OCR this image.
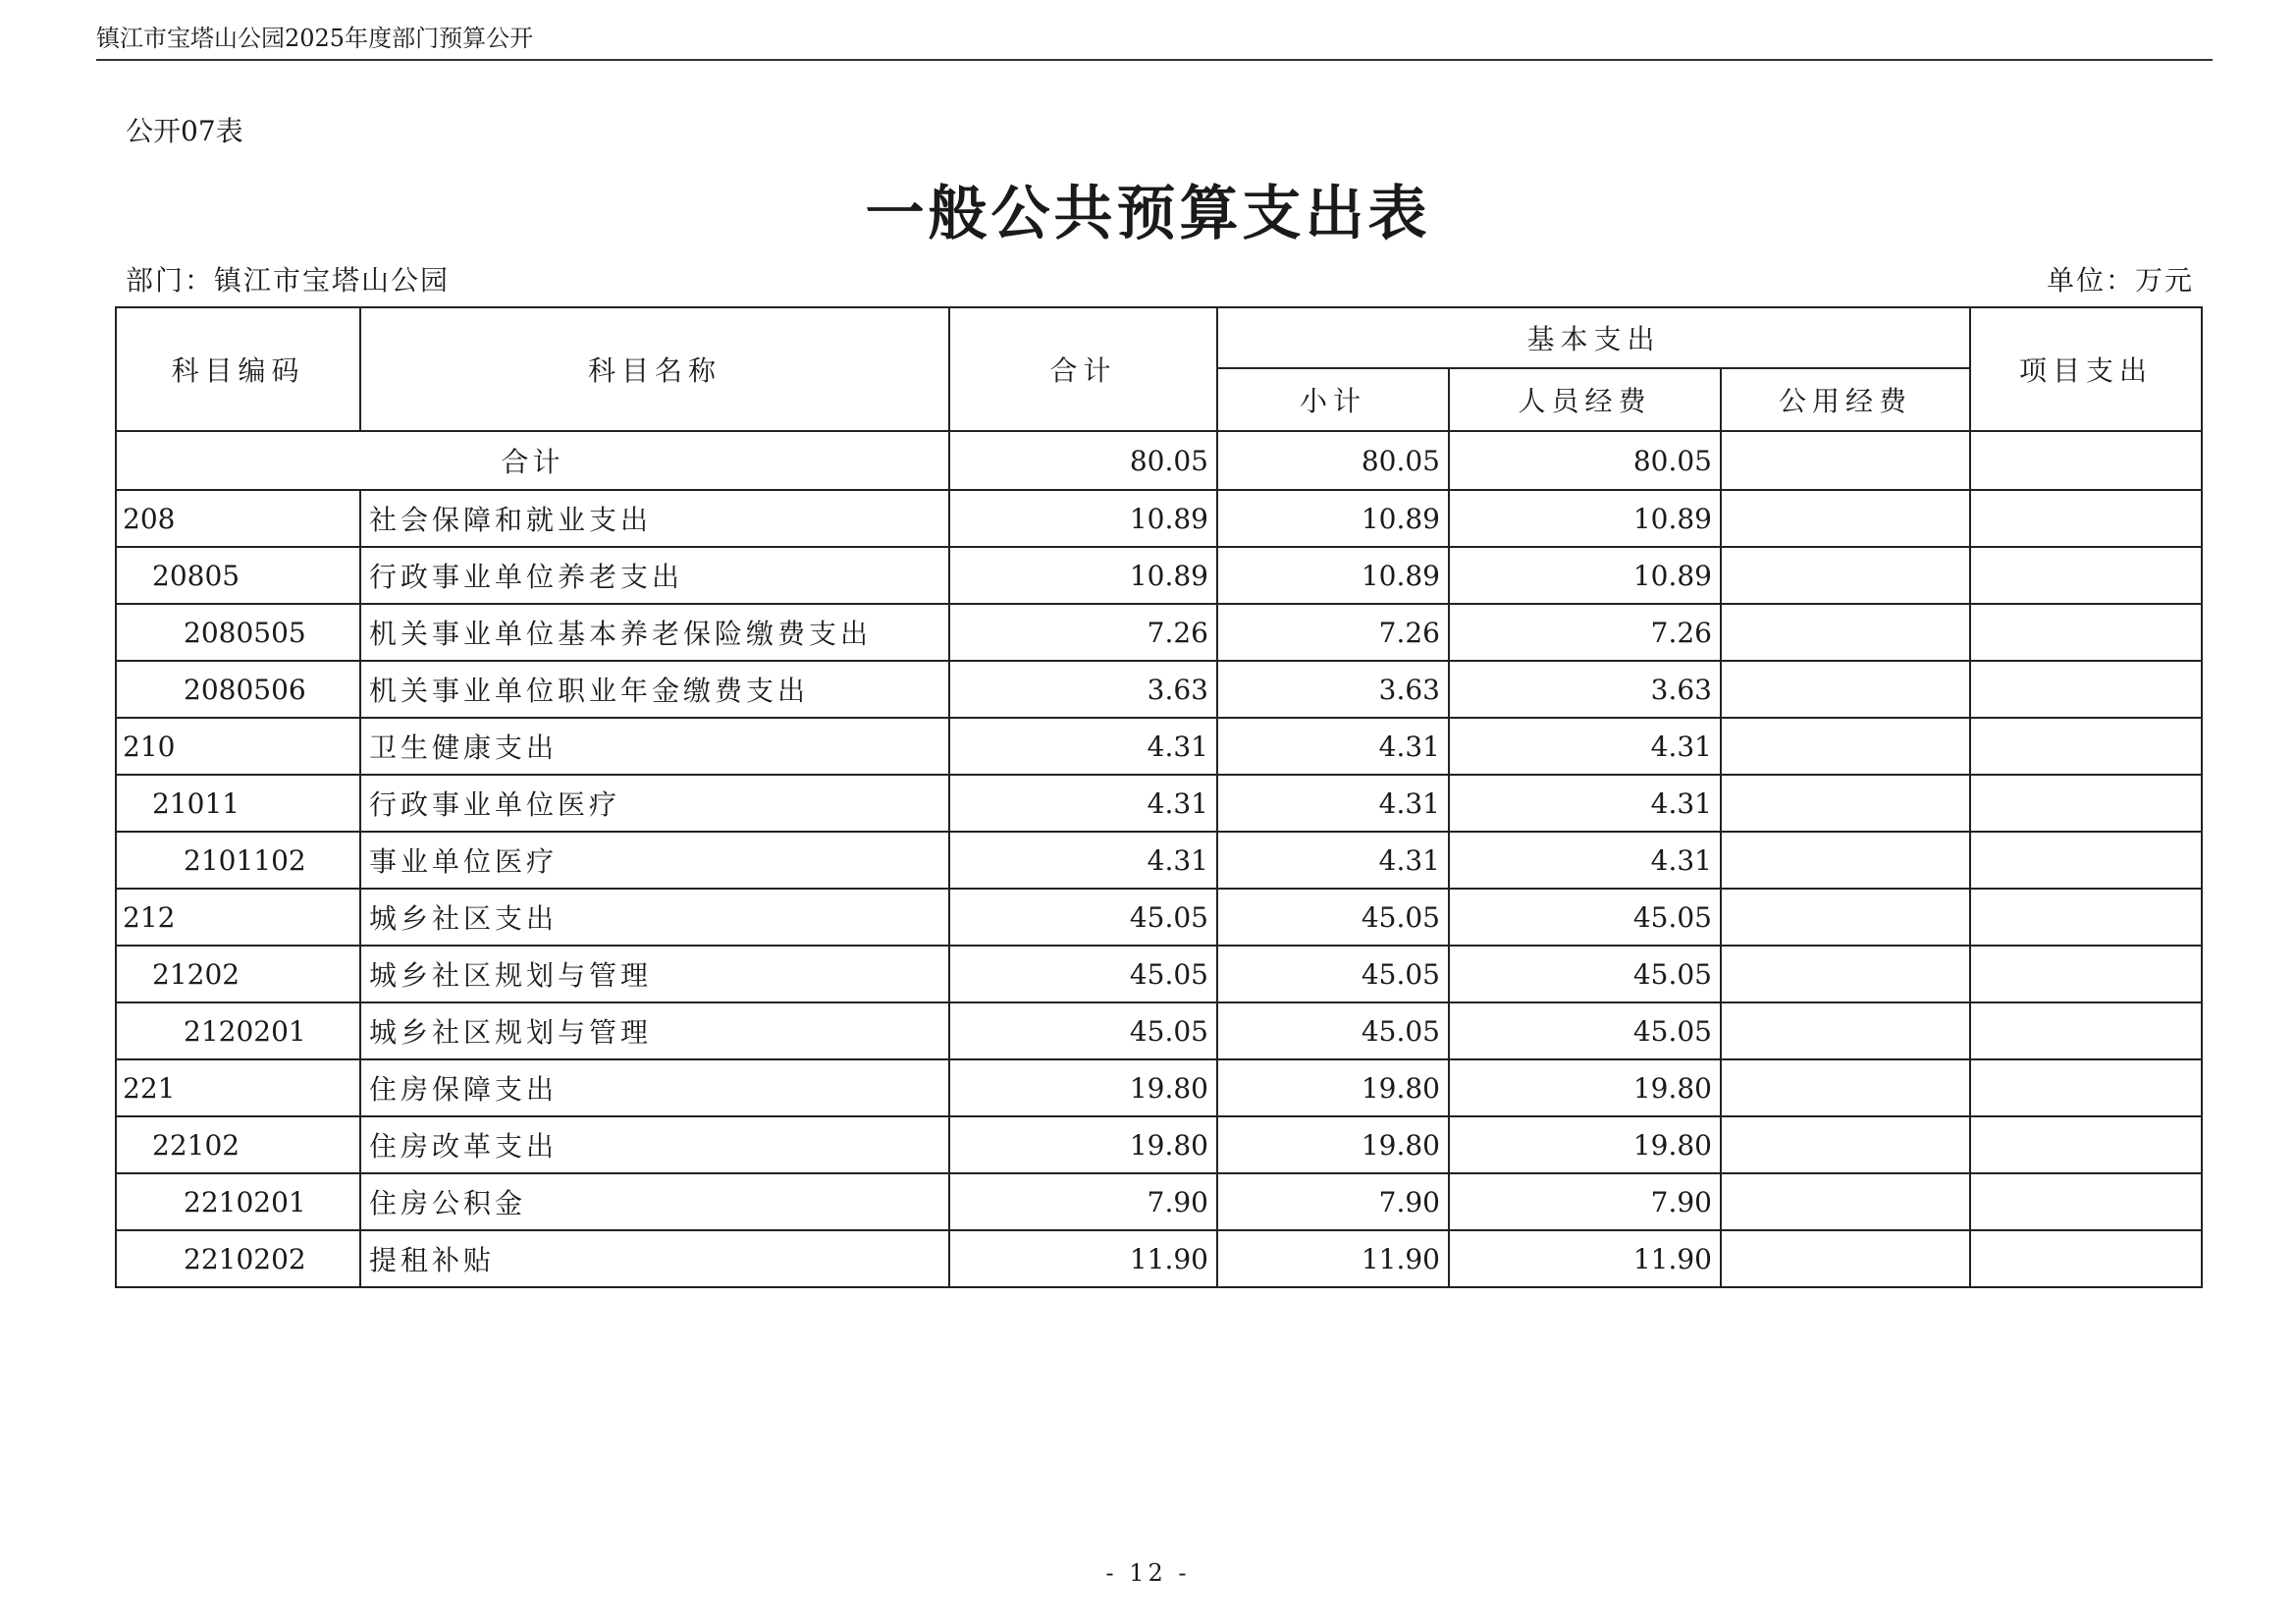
镇江市宝塔山公园2025年度部门预算公开
公开07表
一般公共预算支出表
部门：镇江市宝塔山公园	单位：万元
科目编码	科目名称	合计	基本支出			项目支出
			小计	人员经费	公用经费	
合计		80.05	80.05	80.05		
208	社会保障和就业支出	10.89	10.89	10.89		
20805	行政事业单位养老支出	10.89	10.89	10.89		
2080505	机关事业单位基本养老保险缴费支出	7.26	7.26	7.26		
2080506	机关事业单位职业年金缴费支出	3.63	3.63	3.63		
210	卫生健康支出	4.31	4.31	4.31		
21011	行政事业单位医疗	4.31	4.31	4.31		
2101102	事业单位医疗	4.31	4.31	4.31		
212	城乡社区支出	45.05	45.05	45.05		
21202	城乡社区规划与管理	45.05	45.05	45.05		
2120201	城乡社区规划与管理	45.05	45.05	45.05		
221	住房保障支出	19.80	19.80	19.80		
22102	住房改革支出	19.80	19.80	19.80		
2210201	住房公积金	7.90	7.90	7.90		
2210202	提租补贴	11.90	11.90	11.90		
- 12 -
